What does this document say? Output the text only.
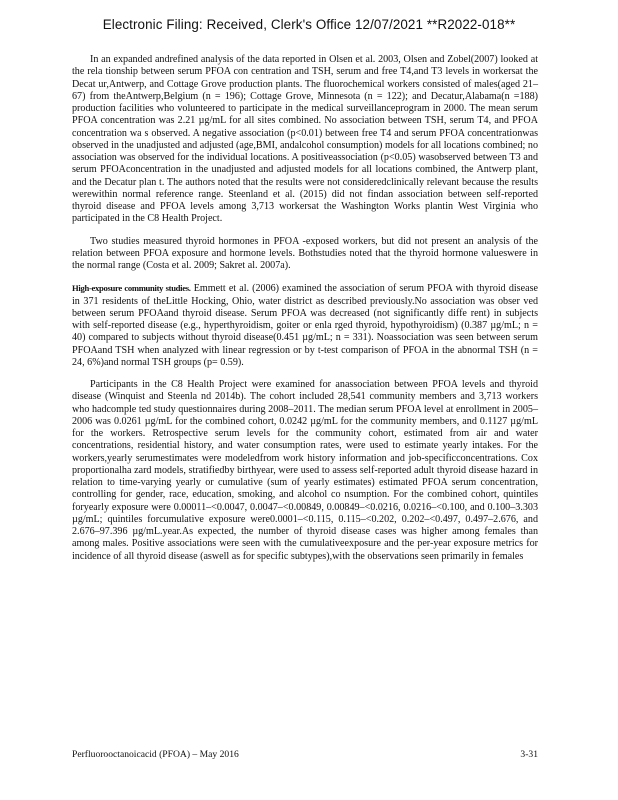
Electronic Filing: Received, Clerk's Office 12/07/2021 **R2022-018**

In an expanded andrefined analysis of the data reported in Olsen et al. 2003, Olsen and Zobel(2007) looked at the rela tionship between serum PFOA con centration and TSH, serum and free T4,and T3 levels in workersat the Decat ur,Antwerp, and Cottage Grove production plants. The fluorochemical workers consisted of males(aged 21–67) from theAntwerp,Belgium (n = 196); Cottage Grove, Minnesota (n = 122); and Decatur,Alabama(n =188) production facilities who volunteered to participate in the medical surveillanceprogram in 2000. The mean serum PFOA concentration was 2.21 µg/mL for all sites combined. No association between TSH, serum T4, and PFOA concentration wa s observed. A negative association (p<0.01) between free T4 and serum PFOA concentrationwas observed in the unadjusted and adjusted (age,BMI, andalcohol consumption) models for all locations combined; no association was observed for the individual locations. A positiveassociation (p<0.05) wasobserved between T3 and serum PFOAconcentration in the unadjusted and adjusted models for all locations combined, the Antwerp plant, and the Decatur plan t. The authors noted that the results were not consideredclinically relevant because the results werewithin normal reference range. Steenland et al. (2015) did not findan association between self-reported thyroid disease and PFOA levels among 3,713 workersat the Washington Works plantin West Virginia who participated in the C8 Health Project.

Two studies measured thyroid hormones in PFOA -exposed workers, but did not present an analysis of the relation between PFOA exposure and hormone levels. Bothstudies noted that the thyroid hormone valueswere in the normal range (Costa et al. 2009; Sakret al. 2007a).

High-exposure community studies. Emmett et al. (2006) examined the association of serum PFOA with thyroid disease in 371 residents of theLittle Hocking, Ohio, water district as described previously.No association was obser ved between serum PFOAand thyroid disease. Serum PFOA was decreased (not significantly diffe rent) in subjects with self-reported disease (e.g., hyperthyroidism, goiter or enla rged thyroid, hypothyroidism) (0.387 µg/mL; n = 40) compared to subjects without thyroid disease(0.451 µg/mL; n = 331). Noassociation was seen between serum PFOAand TSH when analyzed with linear regression or by t-test comparison of PFOA in the abnormal TSH (n = 24, 6%)and normal TSH groups (p= 0.59).

Participants in the C8 Health Project were examined for anassociation between PFOA levels and thyroid disease (Winquist and Steenla nd 2014b). The cohort included 28,541 community members and 3,713 workers who hadcomple ted study questionnaires during 2008–2011. The median serum PFOA level at enrollment in 2005–2006 was 0.0261 µg/mL for the combined cohort, 0.0242 µg/mL for the community members, and 0.1127 µg/mL for the workers. Retrospective serum levels for the community cohort, estimated from air and water concentrations, residential history, and water consumption rates, were used to estimate yearly intakes. For the workers,yearly serumestimates were modeledfrom work history information and job-specificconcentrations. Cox proportionalha zard models, stratifiedby birthyear, were used to assess self-reported adult thyroid disease hazard in relation to time-varying yearly or cumulative (sum of yearly estimates) estimated PFOA serum concentration, controlling for gender, race, education, smoking, and alcohol co nsumption. For the combined cohort, quintiles foryearly exposure were 0.00011–<0.0047, 0.0047–<0.00849, 0.00849–<0.0216, 0.0216–<0.100, and 0.100–3.303 µg/mL; quintiles forcumulative exposure were0.0001–<0.115, 0.115–<0.202, 0.202–<0.497, 0.497–2.676, and 2.676–97.396 µg/mL.year.As expected, the number of thyroid disease cases was higher among females than among males. Positive associations were seen with the cumulativeexposure and the per-year exposure metrics for incidence of all thyroid disease (aswell as for specific subtypes),with the observations seen primarily in females

Perfluorooctanoicacid (PFOA) – May 2016	3-31
